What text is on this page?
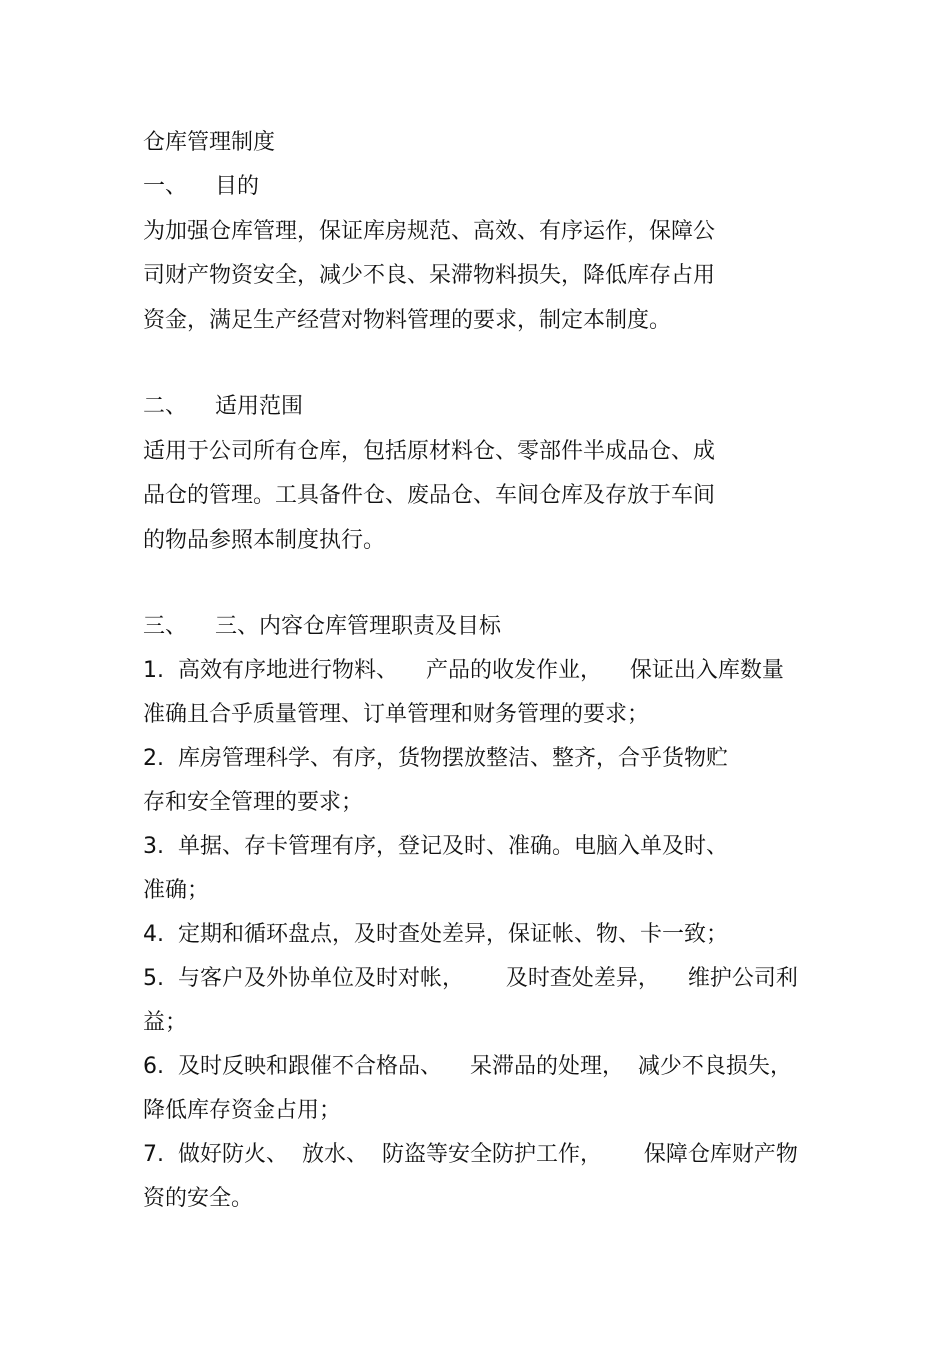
仓库管理制度
一、    目的
为加强仓库管理，保证库房规范、高效、有序运作，保障公
司财产物资安全，减少不良、呆滞物料损失，降低库存占用
资金，满足生产经营对物料管理的要求，制定本制度。
二、    适用范围
适用于公司所有仓库，包括原材料仓、零部件半成品仓、成
品仓的管理。工具备件仓、废品仓、车间仓库及存放于车间
的物品参照本制度执行。
三、    三、内容仓库管理职责及目标
1.  高效有序地进行物料、    产品的收发作业，    保证出入库数量
准确且合乎质量管理、订单管理和财务管理的要求；
2.  库房管理科学、有序，货物摆放整洁、整齐，合乎货物贮
存和安全管理的要求；
3.  单据、存卡管理有序，登记及时、准确。电脑入单及时、
准确；
4.  定期和循环盘点，及时查处差异，保证帐、物、卡一致；
5.  与客户及外协单位及时对帐，      及时查处差异，    维护公司利
益；
6.  及时反映和跟催不合格品、    呆滞品的处理，  减少不良损失，
降低库存资金占用；
7.  做好防火、  放水、  防盗等安全防护工作，      保障仓库财产物
资的安全。
